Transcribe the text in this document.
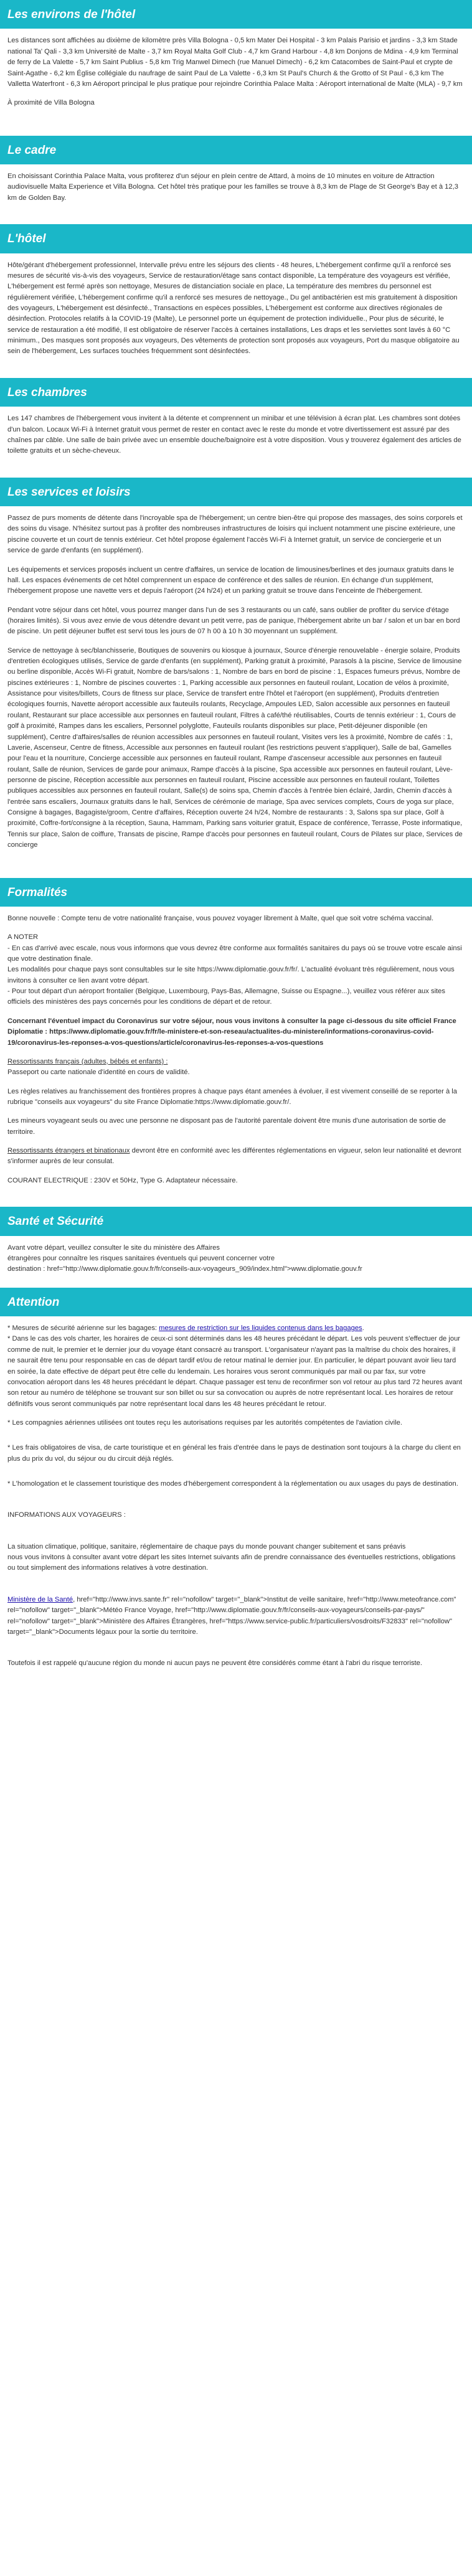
Les environs de l'hôtel

Les distances sont affichées au dixième de kilomètre près Villa Bologna - 0,5 km Mater Dei Hospital - 3 km Palais Parisio et jardins - 3,3 km Stade national Ta' Qali - 3,3 km Université de Malte - 3,7 km Royal Malta Golf Club - 4,7 km Grand Harbour - 4,8 km Donjons de Mdina - 4,9 km Terminal de ferry de La Valette - 5,7 km Saint Publius - 5,8 km Trig Manwel Dimech (rue Manuel Dimech) - 6,2 km Catacombes de Saint-Paul et crypte de Saint-Agathe - 6,2 km Église collégiale du naufrage de saint Paul de La Valette - 6,3 km St Paul's Church & the Grotto of St Paul - 6,3 km The Valletta Waterfront - 6,3 km Aéroport principal le plus pratique pour rejoindre Corinthia Palace Malta : Aéroport international de Malte (MLA) - 9,7 km

À proximité de Villa Bologna

Le cadre

En choisissant Corinthia Palace Malta, vous profiterez d'un séjour en plein centre de Attard, à moins de 10 minutes en voiture de Attraction audiovisuelle Malta Experience et Villa Bologna. Cet hôtel très pratique pour les familles se trouve à 8,3 km de Plage de St George's Bay et à 12,3 km de Golden Bay.

L'hôtel

Hôte/gérant d'hébergement professionnel, Intervalle prévu entre les séjours des clients - 48 heures, L'hébergement confirme qu'il a renforcé ses mesures de sécurité vis-à-vis des voyageurs, Service de restauration/étage sans contact disponible, La température des voyageurs est vérifiée, L'hébergement est fermé après son nettoyage, Mesures de distanciation sociale en place, La température des membres du personnel est régulièrement vérifiée, L'hébergement confirme qu'il a renforcé ses mesures de nettoyage., Du gel antibactérien est mis gratuitement à disposition des voyageurs, L'hébergement est désinfecté., Transactions en espèces possibles, L'hébergement est conforme aux directives régionales de désinfection. Protocoles relatifs à la COVID-19 (Malte), Le personnel porte un équipement de protection individuelle., Pour plus de sécurité, le service de restauration a été modifié, Il est obligatoire de réserver l'accès à certaines installations, Les draps et les serviettes sont lavés à 60 °C minimum., Des masques sont proposés aux voyageurs, Des vêtements de protection sont proposés aux voyageurs, Port du masque obligatoire au sein de l'hébergement, Les surfaces touchées fréquemment sont désinfectées.

Les chambres

Les 147 chambres de l'hébergement vous invitent à la détente et comprennent un minibar et une télévision à écran plat. Les chambres sont dotées d'un balcon. Locaux Wi-Fi à Internet gratuit vous permet de rester en contact avec le reste du monde et votre divertissement est assuré par des chaînes par câble. Une salle de bain privée avec un ensemble douche/baignoire est à votre disposition. Vous y trouverez également des articles de toilette gratuits et un sèche-cheveux.

Les services et loisirs

Passez de purs moments de détente dans l'incroyable spa de l'hébergement; un centre bien-être qui propose des massages, des soins corporels et des soins du visage. N'hésitez surtout pas à profiter des nombreuses infrastructures de loisirs qui incluent notamment une piscine extérieure, une piscine couverte et un court de tennis extérieur. Cet hôtel propose également l'accès Wi-Fi à Internet gratuit, un service de conciergerie et un service de garde d'enfants (en supplément).

Les équipements et services proposés incluent un centre d'affaires, un service de location de limousines/berlines et des journaux gratuits dans le hall. Les espaces événements de cet hôtel comprennent un espace de conférence et des salles de réunion. En échange d'un supplément, l'hébergement propose une navette vers et depuis l'aéroport (24 h/24) et un parking gratuit se trouve dans l'enceinte de l'hébergement.

Pendant votre séjour dans cet hôtel, vous pourrez manger dans l'un de ses 3 restaurants ou un café, sans oublier de profiter du service d'étage (horaires limités). Si vous avez envie de vous détendre devant un petit verre, pas de panique, l'hébergement abrite un bar / salon et un bar en bord de piscine. Un petit déjeuner buffet est servi tous les jours de 07 h 00 à 10 h 30 moyennant un supplément.

Service de nettoyage à sec/blanchisserie, Boutiques de souvenirs ou kiosque à journaux, Source d'énergie renouvelable - énergie solaire, Produits d'entretien écologiques utilisés, Service de garde d'enfants (en supplément), Parking gratuit à proximité, Parasols à la piscine, Service de limousine ou berline disponible, Accès Wi-Fi gratuit, Nombre de bars/salons : 1, Nombre de bars en bord de piscine : 1, Espaces fumeurs prévus, Nombre de piscines extérieures : 1, Nombre de piscines couvertes : 1, Parking accessible aux personnes en fauteuil roulant, Location de vélos à proximité, Assistance pour visites/billets, Cours de fitness sur place, Service de transfert entre l'hôtel et l'aéroport (en supplément), Produits d'entretien écologiques fournis, Navette aéroport accessible aux fauteuils roulants, Recyclage, Ampoules LED, Salon accessible aux personnes en fauteuil roulant, Restaurant sur place accessible aux personnes en fauteuil roulant, Filtres à café/thé réutilisables, Courts de tennis extérieur : 1, Cours de golf à proximité, Rampes dans les escaliers, Personnel polyglotte, Fauteuils roulants disponibles sur place, Petit-déjeuner disponible (en supplément), Centre d'affaires/salles de réunion accessibles aux personnes en fauteuil roulant, Visites vers les à proximité, Nombre de cafés : 1, Laverie, Ascenseur, Centre de fitness, Accessible aux personnes en fauteuil roulant (les restrictions peuvent s'appliquer), Salle de bal, Gamelles pour l'eau et la nourriture, Concierge accessible aux personnes en fauteuil roulant, Rampe d'ascenseur accessible aux personnes en fauteuil roulant, Salle de réunion, Services de garde pour animaux, Rampe d'accès à la piscine, Spa accessible aux personnes en fauteuil roulant, Lève-personne de piscine, Réception accessible aux personnes en fauteuil roulant, Piscine accessible aux personnes en fauteuil roulant, Toilettes publiques accessibles aux personnes en fauteuil roulant, Salle(s) de soins spa, Chemin d'accès à l'entrée bien éclairé, Jardin, Chemin d'accès à l'entrée sans escaliers, Journaux gratuits dans le hall, Services de cérémonie de mariage, Spa avec services complets, Cours de yoga sur place, Consigne à bagages, Bagagiste/groom, Centre d'affaires, Réception ouverte 24 h/24, Nombre de restaurants : 3, Salons spa sur place, Golf à proximité, Coffre-fort/consigne à la réception, Sauna, Hammam, Parking sans voiturier gratuit, Espace de conférence, Terrasse, Poste informatique, Tennis sur place, Salon de coiffure, Transats de piscine, Rampe d'accès pour personnes en fauteuil roulant, Cours de Pilates sur place, Services de concierge

Formalités

Bonne nouvelle : Compte tenu de votre nationalité française, vous pouvez voyager librement à Malte, quel que soit votre schéma vaccinal.

A NOTER
- En cas d'arrivé avec escale, nous vous informons que vous devrez être conforme aux formalités sanitaires du pays où se trouve votre escale ainsi que votre destination finale.
Les modalités pour chaque pays sont consultables sur le site https://www.diplomatie.gouv.fr/fr/. L'actualité évoluant très régulièrement, nous vous invitons à consulter ce lien avant votre départ.
- Pour tout départ d'un aéroport frontalier (Belgique, Luxembourg, Pays-Bas, Allemagne, Suisse ou Espagne...), veuillez vous référer aux sites officiels des ministères des pays concernés pour les conditions de départ et de retour.

Concernant l'éventuel impact du Coronavirus sur votre séjour, nous vous invitons à consulter la page ci-dessous du site officiel France Diplomatie : https://www.diplomatie.gouv.fr/fr/le-ministere-et-son-reseau/actualites-du-ministere/informations-coronavirus-covid-19/coronavirus-les-reponses-a-vos-questions/article/coronavirus-les-reponses-a-vos-questions

Ressortissants français (adultes, bébés et enfants) :
Passeport ou carte nationale d'identité en cours de validité.

Les règles relatives au franchissement des frontières propres à chaque pays étant amenées à évoluer, il est vivement conseillé de se reporter à la rubrique "conseils aux voyageurs" du site France Diplomatie:https://www.diplomatie.gouv.fr/.

Les mineurs voyageant seuls ou avec une personne ne disposant pas de l'autorité parentale doivent être munis d'une autorisation de sortie de territoire.

Ressortissants étrangers et binationaux devront être en conformité avec les différentes réglementations en vigueur, selon leur nationalité et devront s'informer auprès de leur consulat.

COURANT ELECTRIQUE : 230V et 50Hz, Type G. Adaptateur nécessaire.

Santé et Sécurité
Avant votre départ, veuillez consulter le site du ministère des Affaires
étrangères pour connaître les risques sanitaires éventuels qui peuvent concerner votre
destination : href="http://www.diplomatie.gouv.fr/fr/conseils-aux-voyageurs_909/index.html">www.diplomatie.gouv.fr
Attention
* Mesures de sécurité aérienne sur les bagages: mesures de restriction sur les liquides contenus dans les bagages.

* Dans le cas des vols charter, les horaires de ceux-ci sont déterminés dans les 48 heures précédant le départ. Les vols peuvent s'effectuer de jour comme de nuit, le premier et le dernier jour du voyage étant consacré au transport. L'organisateur n'ayant pas la maîtrise du choix des horaires, il ne saurait être tenu pour responsable en cas de départ tardif et/ou de retour matinal le dernier jour. En particulier, le départ pouvant avoir lieu tard en soirée, la date effective de départ peut être celle du lendemain. Les horaires vous seront communiqués par mail ou par fax, sur votre convocation aéroport dans les 48 heures précédant le départ. Chaque passager est tenu de reconfirmer son vol retour au plus tard 72 heures avant son retour au numéro de téléphone se trouvant sur son billet ou sur sa convocation ou auprès de notre représentant local. Les horaires de retour définitifs vous seront communiqués par notre représentant local dans les 48 heures précédant le retour.

* Les compagnies aériennes utilisées ont toutes reçu les autorisations requises par les autorités compétentes de l'aviation civile.

* Les frais obligatoires de visa, de carte touristique et en général les frais d'entrée dans le pays de destination sont toujours à la charge du client en plus du prix du vol, du séjour ou du circuit déjà réglés.

* L'homologation et le classement touristique des modes d'hébergement correspondent à la réglementation ou aux usages du pays de destination.

INFORMATIONS AUX VOYAGEURS :

La situation climatique, politique, sanitaire, réglementaire de chaque pays du monde pouvant changer subitement et sans préavis

nous vous invitons à consulter avant votre départ les sites Internet suivants afin de prendre connaissance des éventuelles restrictions, obligations ou tout simplement des informations relatives à votre destination.

Ministère de la Santé, href="http://www.invs.sante.fr" rel="nofollow" target="_blank">Institut de veille sanitaire, href="http://www.meteofrance.com" rel="nofollow" target="_blank">Météo France Voyage, href="http://www.diplomatie.gouv.fr/fr/conseils-aux-voyageurs/conseils-par-pays/" rel="nofollow" target="_blank">Ministère des Affaires Étrangères, href="https://www.service-public.fr/particuliers/vosdroits/F32833" rel="nofollow" target="_blank">Documents légaux pour la sortie du territoire.

Toutefois il est rappelé qu'aucune région du monde ni aucun pays ne peuvent être considérés comme étant à l'abri du risque terroriste.
